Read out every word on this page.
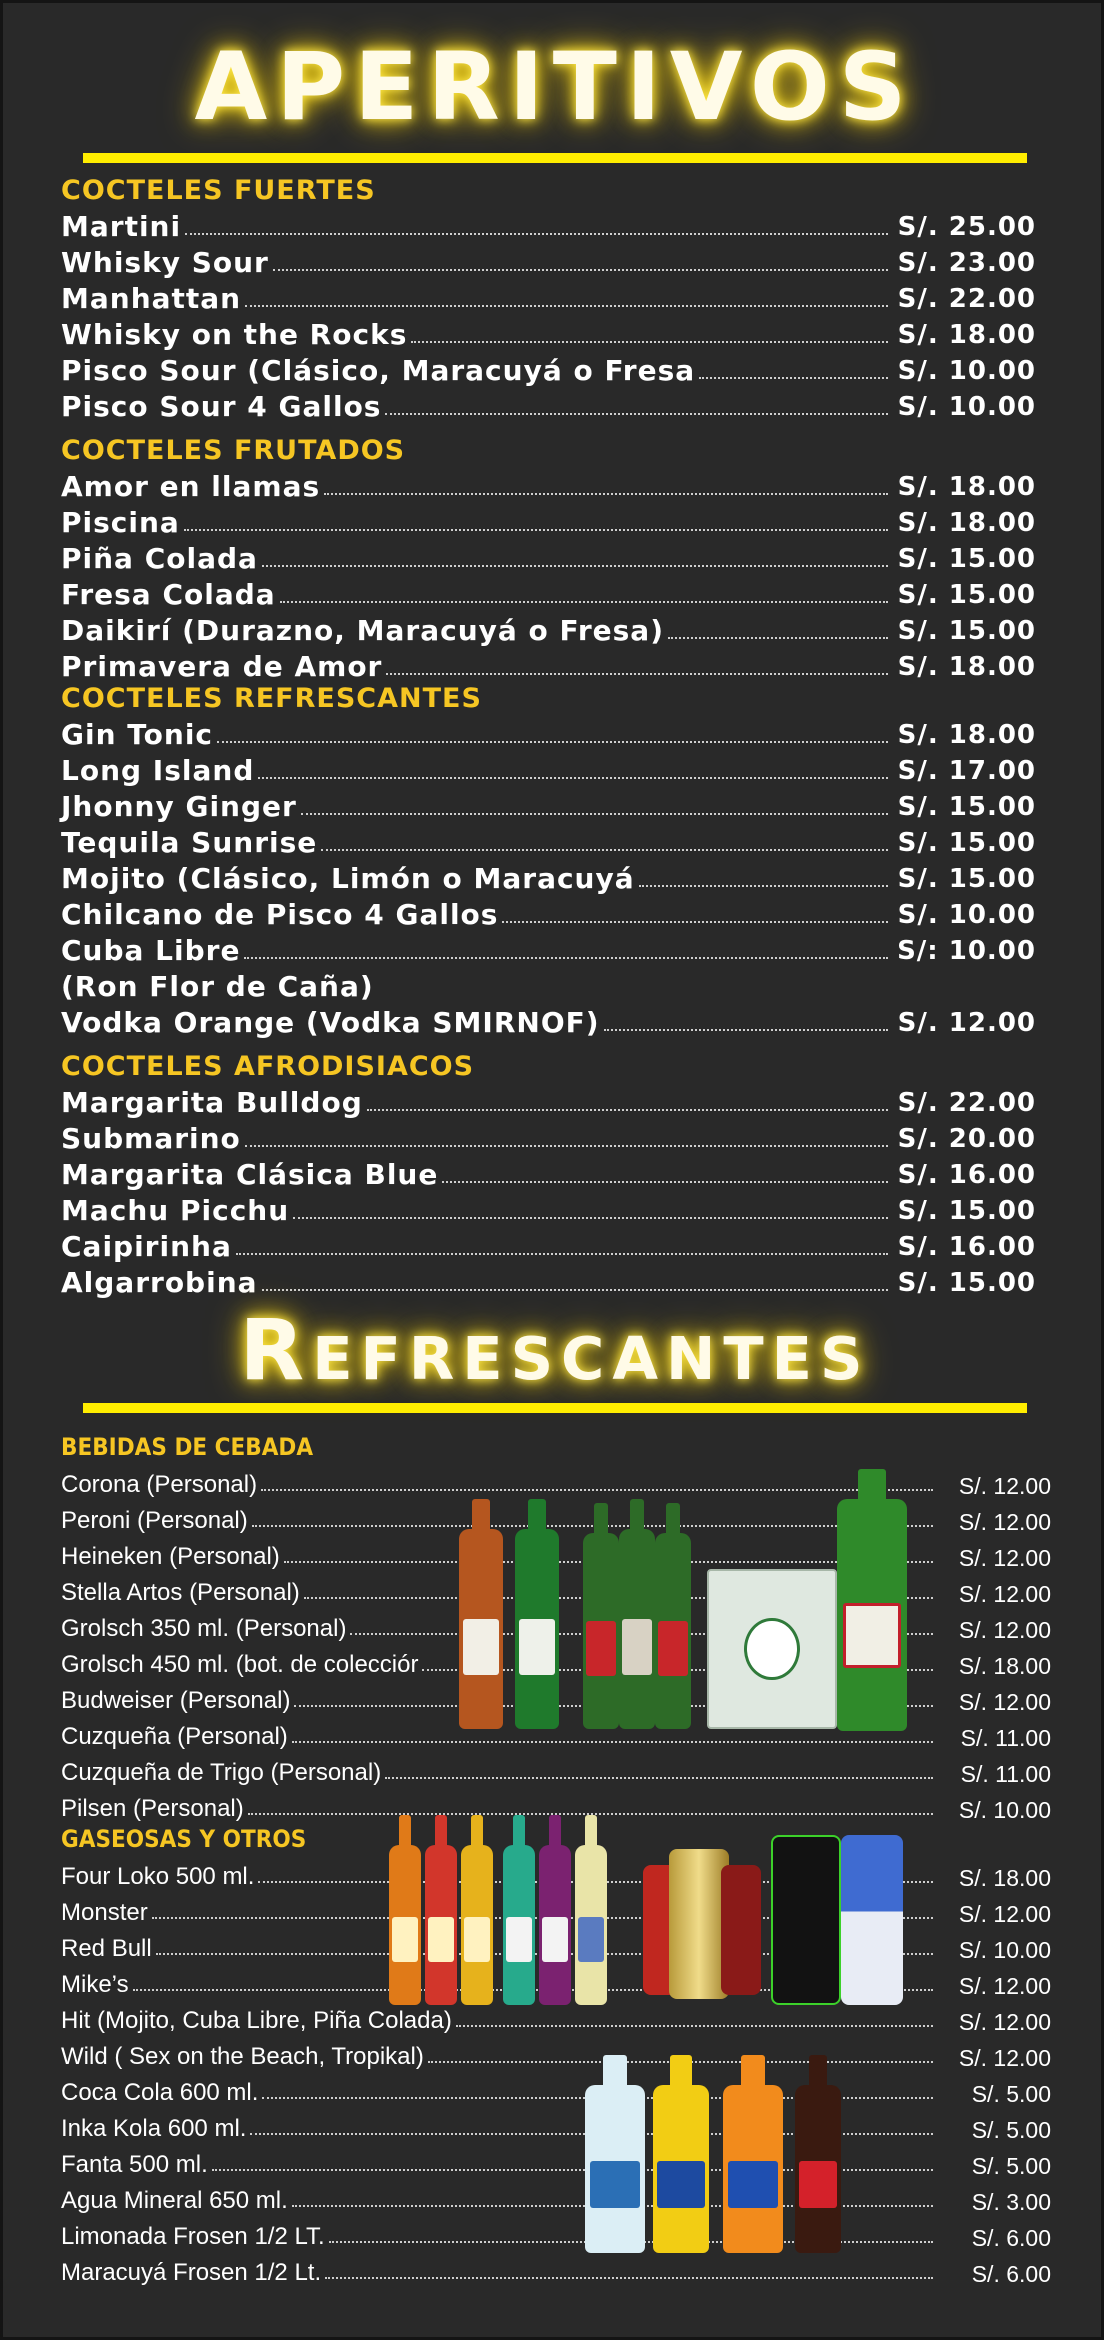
APERITIVOS
COCTELES FUERTES
Martini	S/. 25.00
Whisky Sour	S/. 23.00
Manhattan	S/. 22.00
Whisky on the Rocks	S/. 18.00
Pisco Sour (Clásico, Maracuyá o Fresa	S/. 10.00
Pisco Sour 4 Gallos	S/. 10.00
COCTELES FRUTADOS
Amor en llamas	S/. 18.00
Piscina	S/. 18.00
Piña Colada	S/. 15.00
Fresa Colada	S/. 15.00
Daikirí (Durazno, Maracuyá o Fresa)	S/. 15.00
Primavera de Amor	S/. 18.00
COCTELES REFRESCANTES
Gin Tonic	S/. 18.00
Long Island	S/. 17.00
Jhonny Ginger	S/. 15.00
Tequila Sunrise	S/. 15.00
Mojito (Clásico, Limón o Maracuyá	S/. 15.00
Chilcano de Pisco 4 Gallos	S/. 10.00
Cuba Libre	S/: 10.00
(Ron Flor de Caña)
Vodka Orange (Vodka SMIRNOF)	S/. 12.00
COCTELES AFRODISIACOS
Margarita Bulldog	S/. 22.00
Submarino	S/. 20.00
Margarita Clásica Blue	S/. 16.00
Machu Picchu	S/. 15.00
Caipirinha	S/. 16.00
Algarrobina	S/. 15.00
Refrescantes
BEBIDAS DE CEBADA
Corona (Personal)	S/. 12.00
Peroni (Personal)	S/. 12.00
Heineken (Personal)	S/. 12.00
Stella Artos (Personal)	S/. 12.00
Grolsch 350 ml. (Personal)	S/. 12.00
Grolsch 450 ml. (bot. de colecciór	S/. 18.00
Budweiser (Personal)	S/. 12.00
Cuzqueña (Personal)	S/. 11.00
Cuzqueña de Trigo (Personal)	S/. 11.00
Pilsen (Personal)	S/. 10.00
GASEOSAS Y OTROS
Four Loko 500 ml.	S/. 18.00
Monster	S/. 12.00
Red Bull	S/. 10.00
Mike’s	S/. 12.00
Hit (Mojito, Cuba Libre, Piña Colada)	S/. 12.00
Wild ( Sex on the Beach, Tropikal)	S/. 12.00
Coca Cola 600 ml.	S/. 5.00
Inka Kola 600 ml.	S/. 5.00
Fanta 500 ml.	S/. 5.00
Agua Mineral 650 ml.	S/. 3.00
Limonada Frosen 1/2 LT.	S/. 6.00
Maracuyá Frosen 1/2 Lt.	S/. 6.00
